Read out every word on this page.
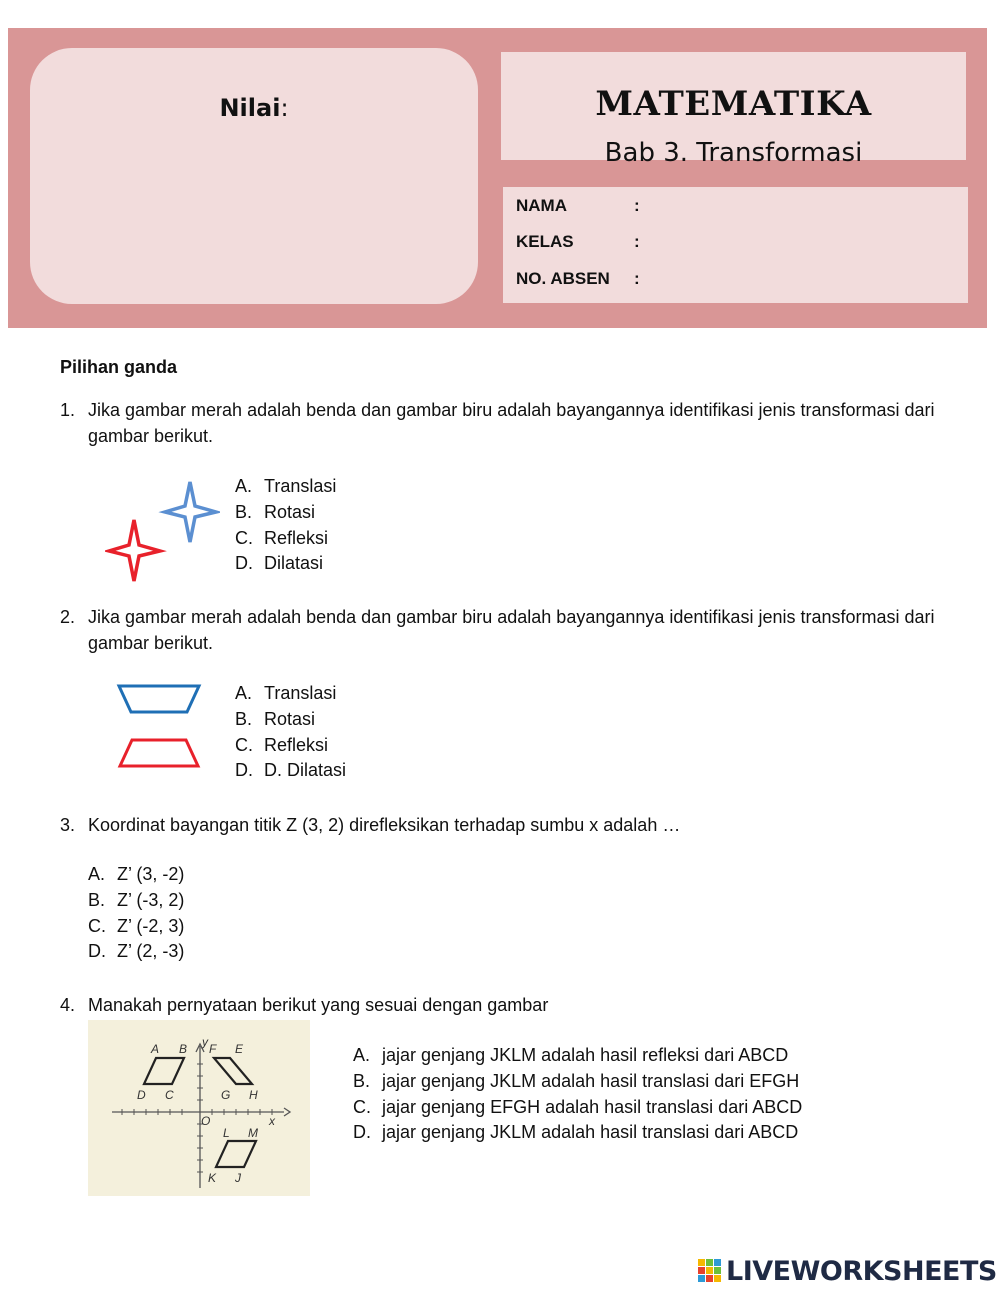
Nilai:	MATEMATIKA
Bab 3. Transformasi
NAMA	:
KELAS	:
NO. ABSEN :
Pilihan ganda
1. Jika gambar merah adalah benda dan gambar biru adalah bayangannya identifikasi jenis transformasi dari gambar berikut.
A. Translasi
B. Rotasi
C. Refleksi
D. Dilatasi
2. Jika gambar merah adalah benda dan gambar biru adalah bayangannya identifikasi jenis transformasi dari gambar berikut.
A. Translasi
B. Rotasi
C. Refleksi
D. D. Dilatasi
3. Koordinat bayangan titik Z (3, 2) direfleksikan terhadap sumbu x adalah …
A. Z’ (3, -2)
B. Z’ (-3, 2)
C. Z’ (-2, 3)
D. Z’ (2, -3)
4. Manakah pernyataan berikut yang sesuai dengan gambar
A B
C
D
E
F
G H
J
K
L M
O	x
y
A. jajar genjang JKLM adalah hasil refleksi dari ABCD
B. jajar genjang JKLM adalah hasil translasi dari EFGH
C. jajar genjang EFGH adalah hasil translasi dari ABCD
D. jajar genjang JKLM adalah hasil translasi dari ABCD
LIVEWORKSHEETS
